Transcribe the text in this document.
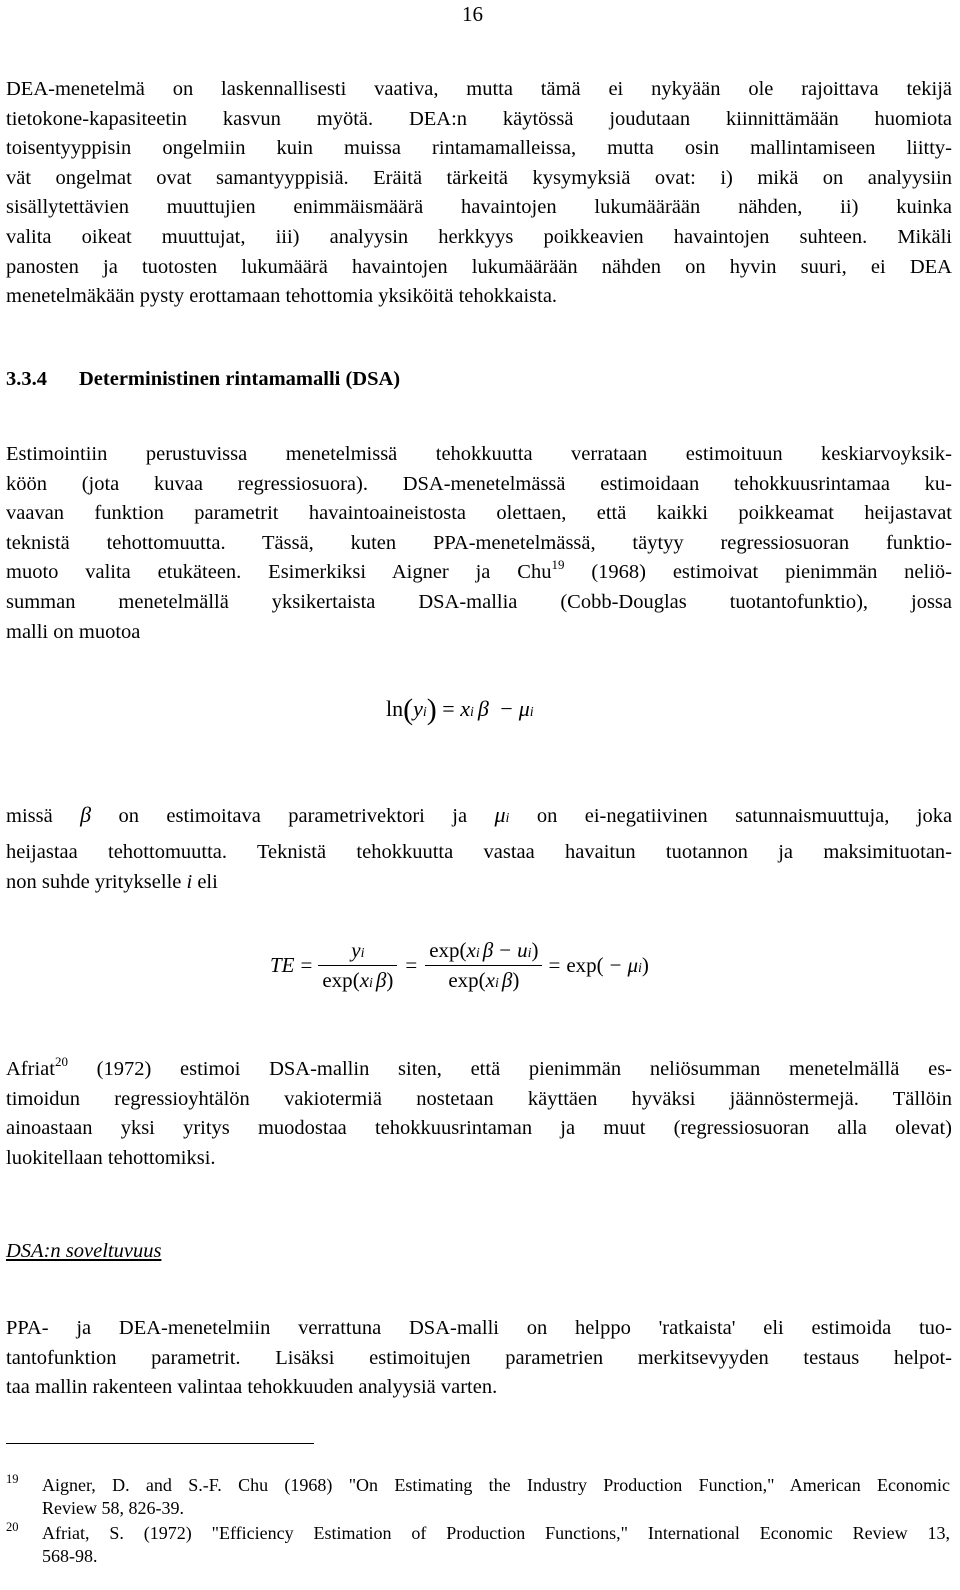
16
DEA-menetelmä on laskennallisesti vaativa, mutta tämä ei nykyään ole rajoittava tekijä
tietokone-kapasiteetin kasvun myötä. DEA:n käytössä joudutaan kiinnittämään huomiota
toisentyyppisin ongelmiin kuin muissa rintamamalleissa, mutta osin mallintamiseen liitty-
vät ongelmat ovat samantyyppisiä. Eräitä tärkeitä kysymyksiä ovat: i) mikä on analyysiin
sisällytettävien muuttujien enimmäismäärä havaintojen lukumäärään nähden, ii) kuinka
valita oikeat muuttujat, iii) analyysin herkkyys poikkeavien havaintojen suhteen. Mikäli
panosten ja tuotosten lukumäärä havaintojen lukumäärään nähden on hyvin suuri, ei DEA
menetelmäkään pysty erottamaan tehottomia yksiköitä tehokkaista.
3.3.4 Deterministinen rintamamalli (DSA)
Estimointiin perustuvissa menetelmissä tehokkuutta verrataan estimoituun keskiarvoyksik-
köön (jota kuvaa regressiosuora). DSA-menetelmässä estimoidaan tehokkuusrintamaa ku-
vaavan funktion parametrit havaintoaineistosta olettaen, että kaikki poikkeamat heijastavat
teknistä tehottomuutta. Tässä, kuten PPA-menetelmässä, täytyy regressiosuoran funktio-
muoto valita etukäteen. Esimerkiksi Aigner ja Chu$^{19}$ (1968) estimoivat pienimmän neliö-
summan menetelmällä yksikertaista DSA-mallia (Cobb-Douglas tuotantofunktio), jossa
malli on muotoa
ln(yi) = xi β − μi
missä β on estimoitava parametrivektori ja μi on ei-negatiivinen satunnaismuuttuja, joka
heijastaa tehottomuutta. Teknistä tehokkuutta vastaa havaitun tuotannon ja maksimituotan-
non suhde yritykselle i eli
TE = $\frac{yi}{\text{exp(xi β)}} = \frac{\text{exp(xi β − ui)}}{\text{exp(xi β)}} = \exp( - \mu i)$
Afriat$^{20}$ (1972) estimoi DSA-mallin siten, että pienimmän neliösumman menetelmällä es-
timoidun regressioyhtälön vakiotermiä nostetaan käyttäen hyväksi jäännöstermejä. Tällöin
ainoastaan yksi yritys muodostaa tehokkuusrintaman ja muut (regressiosuoran alla olevat)
luokitellaan tehottomiksi.
DSA:n soveltuvuus
PPA- ja DEA-menetelmiin verrattuna DSA-malli on helppo 'ratkaista' eli estimoida tuo-
tantofunktion parametrit. Lisäksi estimoitujen parametrien merkitsevyyden testaus helpot-
taa mallin rakenteen valintaa tehokkuuden analyysiä varten.
19 Aigner, D. and S.-F. Chu (1968) "On Estimating the Industry Production Function," American Economic
Review 58, 826-39.
20 Afriat, S. (1972) "Efficiency Estimation of Production Functions," International Economic Review 13,
568-98.
